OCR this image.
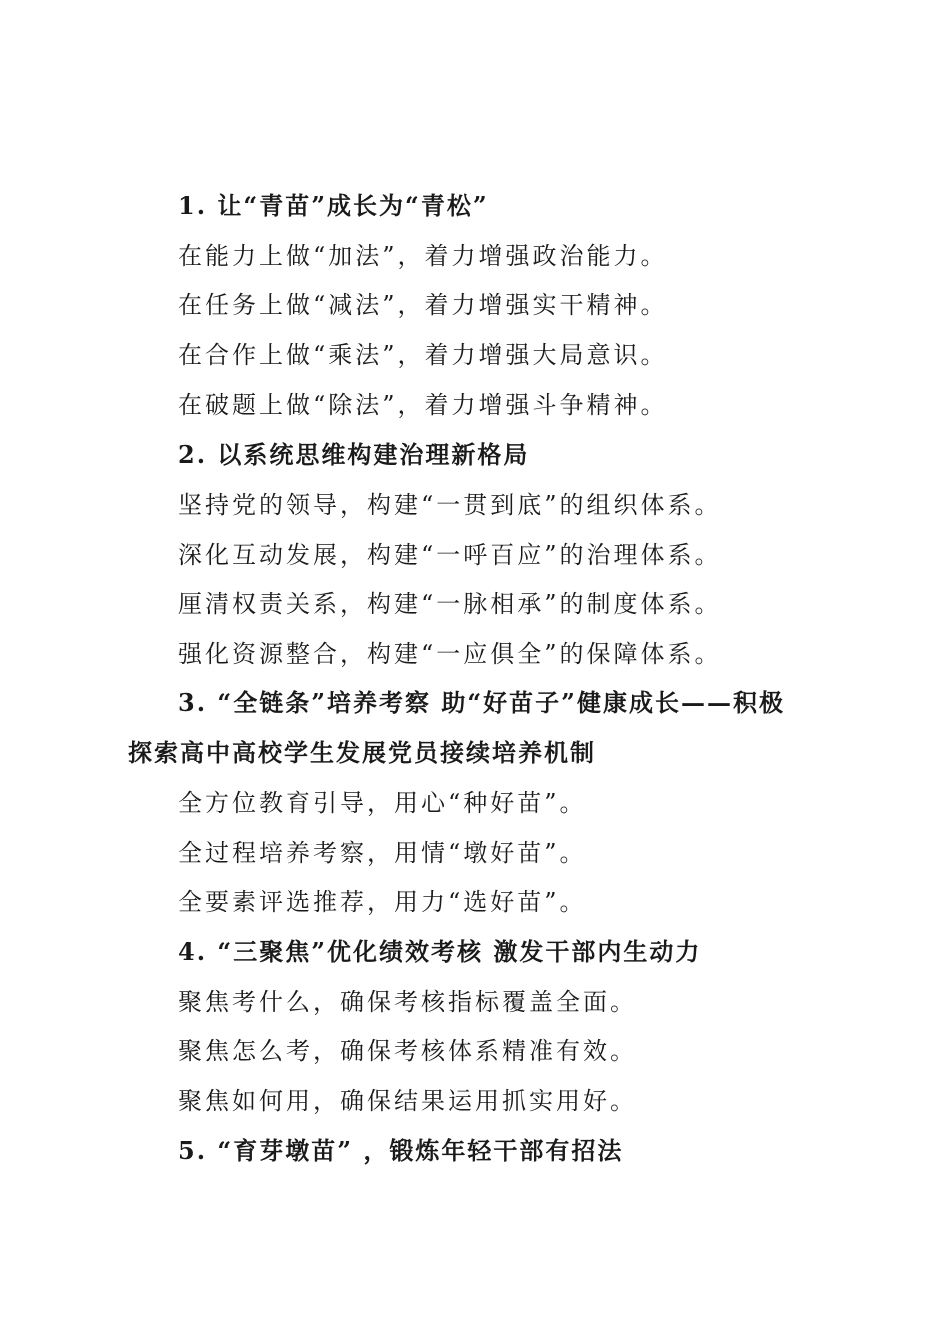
1. 让“青苗”成长为“青松”
在能力上做“加法”，着力增强政治能力。
在任务上做“减法”，着力增强实干精神。
在合作上做“乘法”，着力增强大局意识。
在破题上做“除法”，着力增强斗争精神。
2. 以系统思维构建治理新格局
坚持党的领导，构建“一贯到底”的组织体系。
深化互动发展，构建“一呼百应”的治理体系。
厘清权责关系，构建“一脉相承”的制度体系。
强化资源整合，构建“一应俱全”的保障体系。
3. “全链条”培养考察 助“好苗子”健康成长——积极
探索高中高校学生发展党员接续培养机制
全方位教育引导，用心“种好苗”。
全过程培养考察，用情“墩好苗”。
全要素评选推荐，用力“选好苗”。
4. “三聚焦”优化绩效考核 激发干部内生动力
聚焦考什么，确保考核指标覆盖全面。
聚焦怎么考，确保考核体系精准有效。
聚焦如何用，确保结果运用抓实用好。
5. “育芽墩苗” ，锻炼年轻干部有招法
